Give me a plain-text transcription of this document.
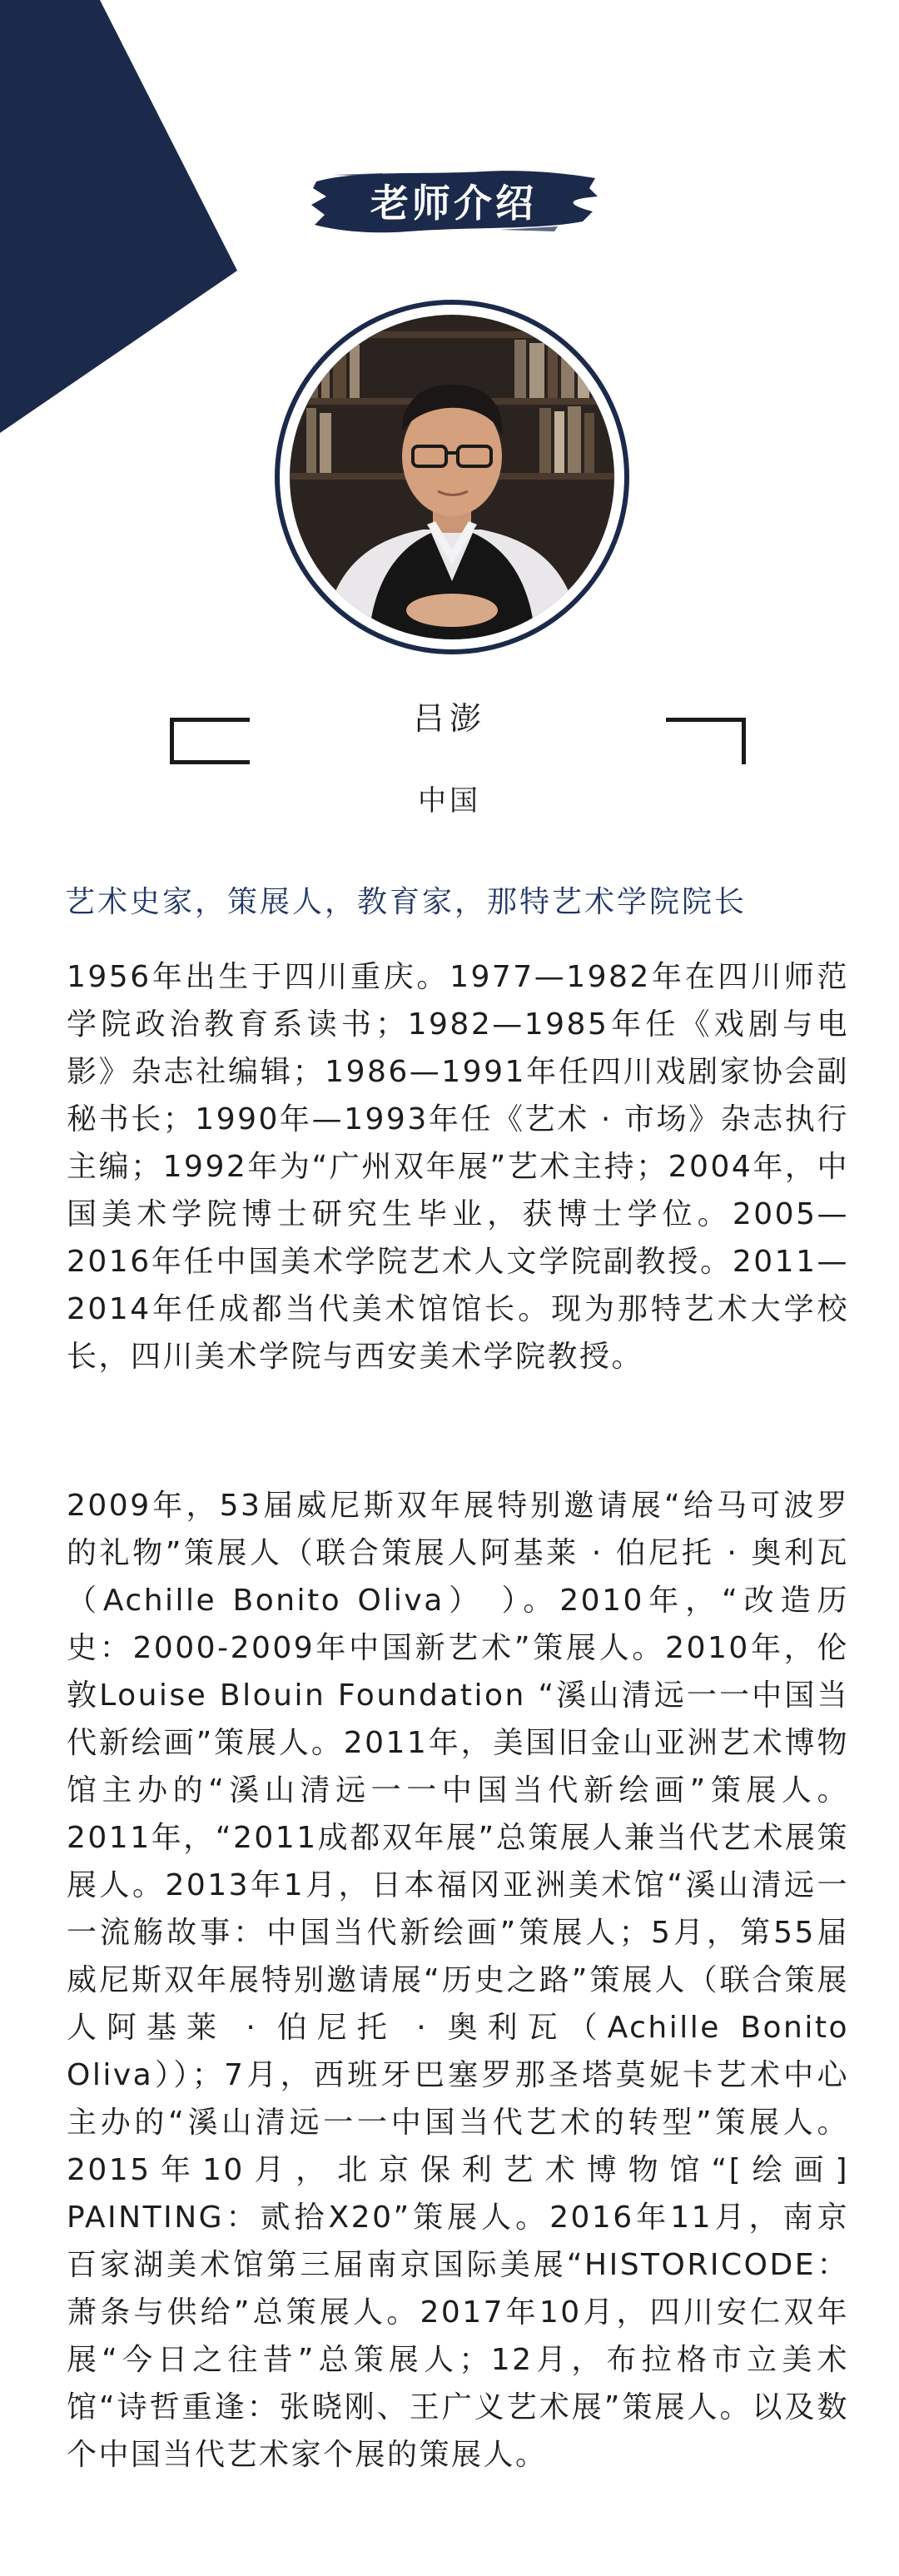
老师介绍
吕澎
中国
艺术史家，策展人，教育家，那特艺术学院院长

1956年出生于四川重庆。1977—1982年在四川师范学院政治教育系读书；1982—1985年任《戏剧与电影》杂志社编辑；1986—1991年任四川戏剧家协会副秘书长；1990年—1993年任《艺术 · 市场》杂志执行主编；1992年为“广州双年展”艺术主持；2004年，中国美术学院博士研究生毕业，获博士学位。2005—2016年任中国美术学院艺术人文学院副教授。2011—2014年任成都当代美术馆馆长。现为那特艺术大学校长，四川美术学院与西安美术学院教授。

2009年，53届威尼斯双年展特别邀请展“给马可波罗的礼物”策展人（联合策展人阿基莱 · 伯尼托 · 奥利瓦（Achille Bonito Oliva） ）。2010年，“改造历史：2000-2009年中国新艺术”策展人。2010年，伦敦Louise Blouin Foundation “溪山清远一一中国当代新绘画”策展人。2011年，美国旧金山亚洲艺术博物馆主办的“溪山清远一一中国当代新绘画”策展人。2011年，“2011成都双年展”总策展人兼当代艺术展策展人。2013年1月，日本福冈亚洲美术馆“溪山清远一一流觞故事：中国当代新绘画”策展人；5月，第55届威尼斯双年展特别邀请展“历史之路”策展人（联合策展人阿基莱 · 伯尼托 · 奥利瓦（Achille Bonito Oliva））；7月，西班牙巴塞罗那圣塔莫妮卡艺术中心主办的“溪山清远一一中国当代艺术的转型”策展人。2015年10月，北京保利艺术博物馆“[绘画] PAINTING：贰拾X20”策展人。2016年11月，南京百家湖美术馆第三届南京国际美展“HISTORICODE：萧条与供给”总策展人。2017年10月，四川安仁双年展“今日之往昔”总策展人；12月，布拉格市立美术馆“诗哲重逢：张晓刚、王广义艺术展”策展人。以及数个中国当代艺术家个展的策展人。
